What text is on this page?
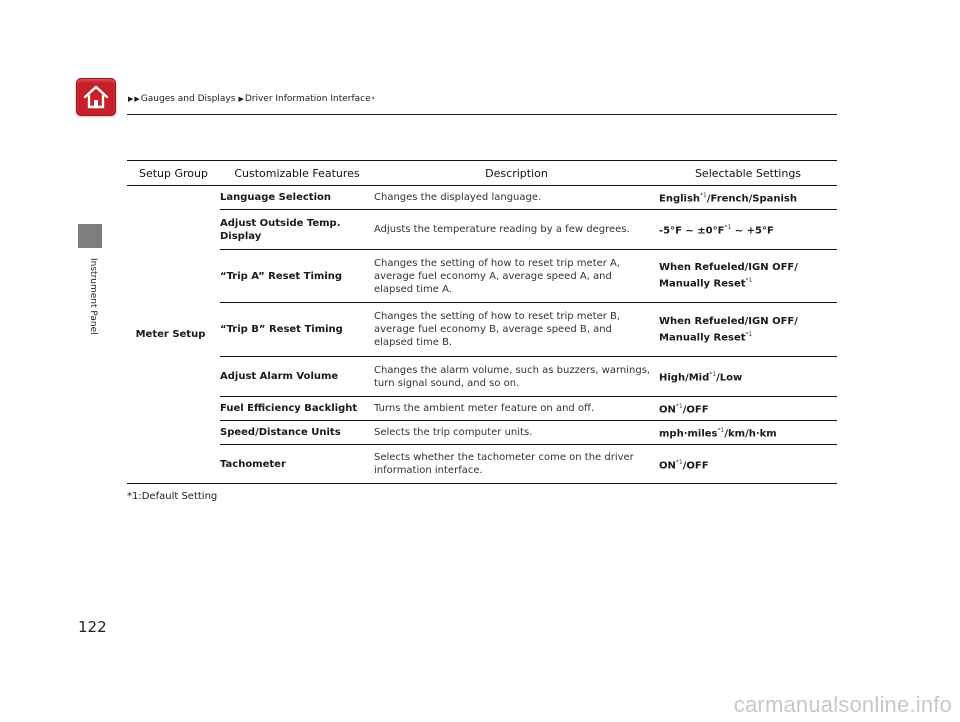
▶ ▶ Gauges and Displays ▶ Driver Information Interface *
Instrument Panel
Setup Group	Customizable Features	Description	Selectable Settings
Meter Setup	Language Selection	Changes the displayed language.	English$^{*1}$/French/Spanish
	Adjust Outside Temp. Display	Adjusts the temperature reading by a few degrees.	-5°F ~ ±0°F$^{*1}$ ~ +5°F
	“Trip A” Reset Timing	Changes the setting of how to reset trip meter A, average fuel economy A, average speed A, and elapsed time A.	When Refueled/IGN OFF/
Manually Reset$^{*1}$
	“Trip B” Reset Timing	Changes the setting of how to reset trip meter B, average fuel economy B, average speed B, and elapsed time B.	When Refueled/IGN OFF/
Manually Reset$^{*1}$
	Adjust Alarm Volume	Changes the alarm volume, such as buzzers, warnings, turn signal sound, and so on.	High/Mid$^{*1}$/Low
	Fuel Efficiency Backlight	Turns the ambient meter feature on and off.	ON$^{*1}$/OFF
	Speed/Distance Units	Selects the trip computer units.	mph·miles$^{*1}$/km/h·km
	Tachometer	Selects whether the tachometer come on the driver information interface.	ON$^{*1}$/OFF
*1:Default Setting
122
carmanualsonline.info
